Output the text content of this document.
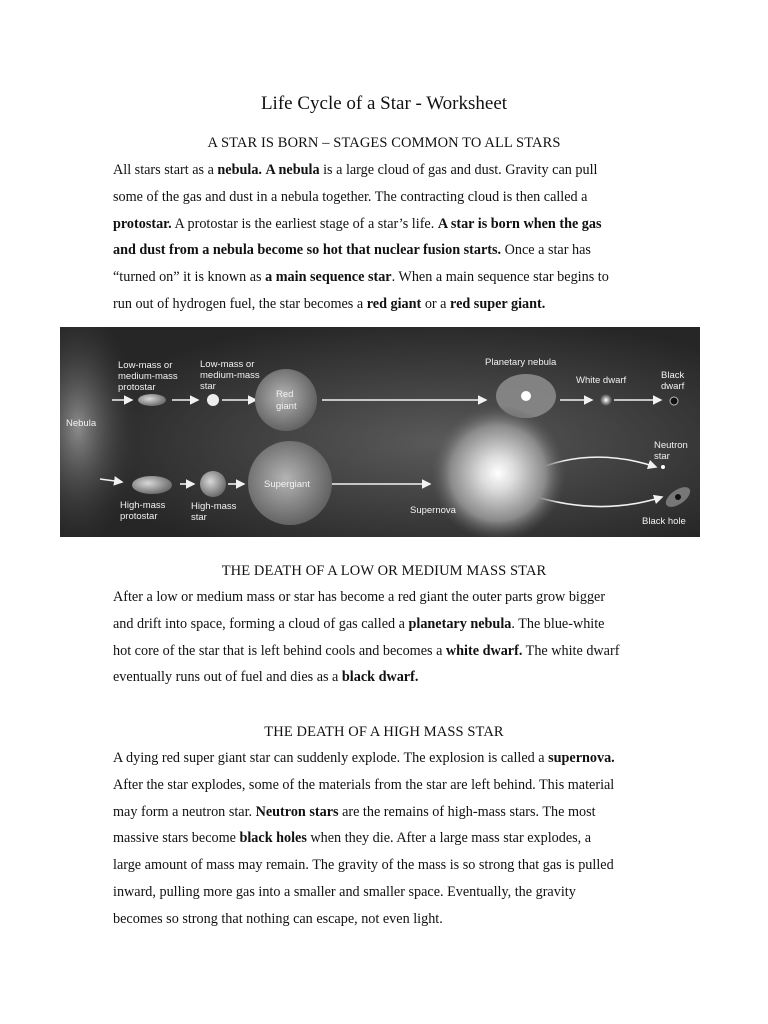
Life Cycle of a Star - Worksheet
A STAR IS BORN – STAGES COMMON TO ALL STARS

All stars start as a nebula. A nebula is a large cloud of gas and dust. Gravity can pull

some of the gas and dust in a nebula together. The contracting cloud is then called a

protostar. A protostar is the earliest stage of a star’s life. A star is born when the gas

and dust from a nebula become so hot that nuclear fusion starts. Once a star has

“turned on” it is known as a main sequence star. When a main sequence star begins to

run out of hydrogen fuel, the star becomes a red giant or a red super giant.

Nebula
Low-mass or
medium-mass
protostar
Low-mass or
medium-mass
star
Red
giant
Planetary nebula
White dwarf	Black
dwarf
Neutron
star
High-mass
protostar
High-mass
star
Supergiant
Supernova
Black hole
THE DEATH OF A LOW OR MEDIUM MASS STAR

After a low or medium mass or star has become a red giant the outer parts grow bigger

and drift into space, forming a cloud of gas called a planetary nebula. The blue-white

hot core of the star that is left behind cools and becomes a white dwarf. The white dwarf

eventually runs out of fuel and dies as a black dwarf.

THE DEATH OF A HIGH MASS STAR

A dying red super giant star can suddenly explode. The explosion is called a supernova.

After the star explodes, some of the materials from the star are left behind. This material

may form a neutron star. Neutron stars are the remains of high-mass stars. The most

massive stars become black holes when they die. After a large mass star explodes, a

large amount of mass may remain. The gravity of the mass is so strong that gas is pulled

inward, pulling more gas into a smaller and smaller space. Eventually, the gravity

becomes so strong that nothing can escape, not even light.
